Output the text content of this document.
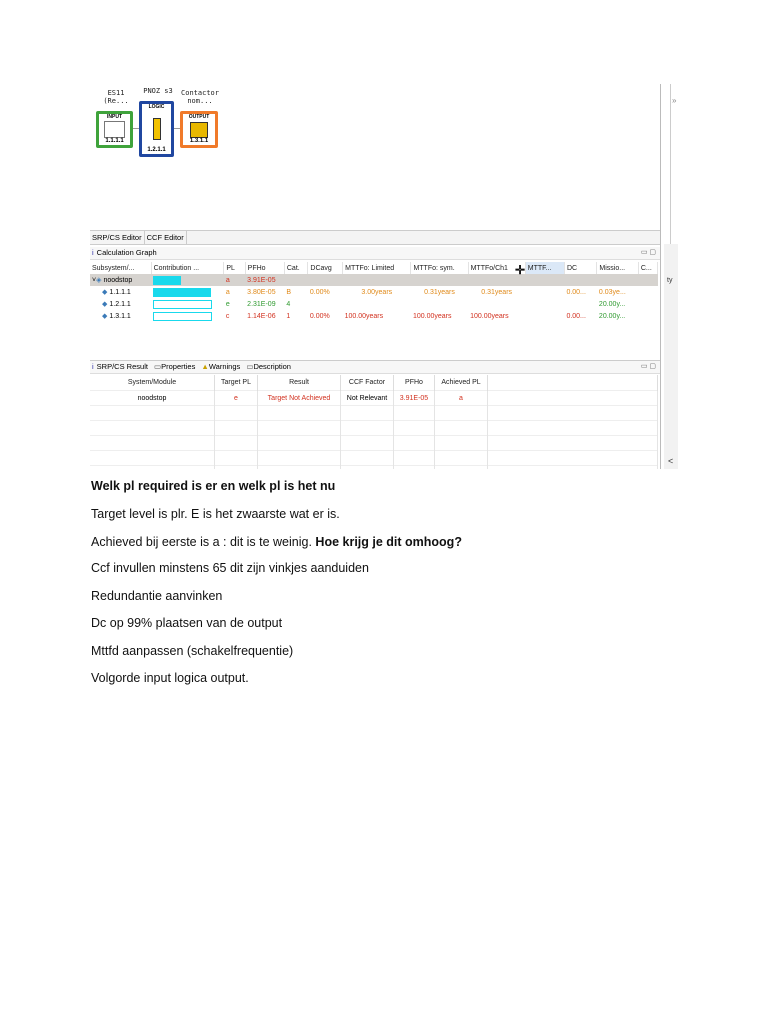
ES11
(Re...
PNOZ s3	Contactor
nom...
INPUT
1.1.1.1
LOGIC
1.2.1.1
OUTPUT
1.3.1.1
»
ty
<
SRP/CS Editor CCF Editor
i Calculation Graph	▭ ▢
Subsystem/...	Contribution ...	PL	PFHo	Cat.	DCavg	MTTFo: Limited	MTTFo: sym.	MTTFo/Ch1	MTTF...	DC	Missio...	C...
˅◈ noodstop		a	3.91E-05									
◆ 1.1.1.1		a	3.80E-05	B	0.00%	3.00years	0.31years	0.31years		0.00...	0.03ye...	
◆ 1.2.1.1		e	2.31E-09	4							20.00y...	
◆ 1.3.1.1		c	1.14E-06	1	0.00%	100.00years	100.00years	100.00years		0.00...	20.00y...	
✛
i SRP/CS Result ▭Properties ▲Warnings ▭Description	▭ ▢
System/Module	Target PL	Result	CCF Factor	PFHo	Achieved PL	
noodstop	e	Target Not Achieved	Not Relevant	3.91E-05	a	

Welk pl required is er en welk pl is het nu
Target level is plr. E is het zwaarste wat er is.
Achieved bij eerste is a : dit is te weinig. Hoe krijg je dit omhoog?
Ccf invullen minstens 65 dit zijn vinkjes aanduiden
Redundantie aanvinken
Dc op 99% plaatsen van de output
Mttfd aanpassen (schakelfrequentie)
Volgorde input logica output.
